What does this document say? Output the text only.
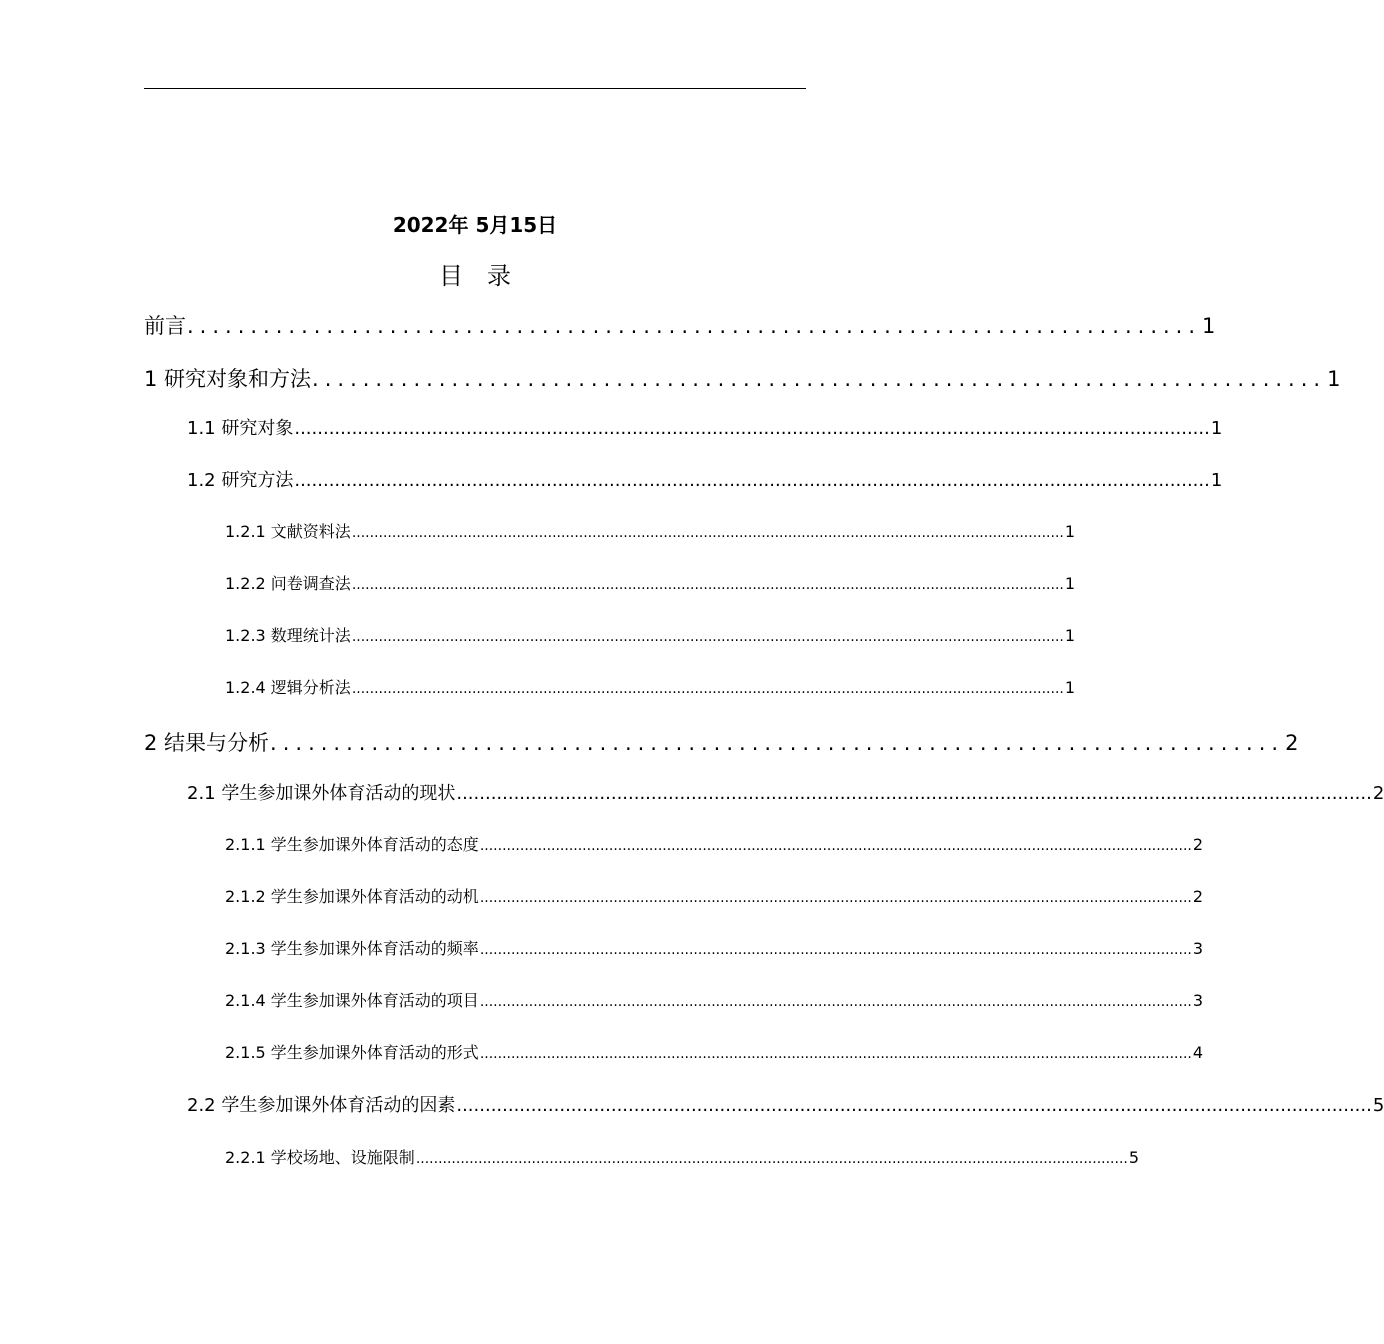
2022年 5月15日
目　录
前言 ................................................................................ 1
1 研究对象和方法 ................................................................................ 1
1.1 研究对象 ................................................................................................................................................................ 1
1.2 研究方法 ................................................................................................................................................................ 1
1.2.1 文献资料法 ................................................................................................................................................................ 1
1.2.2 问卷调查法 ................................................................................................................................................................ 1
1.2.3 数理统计法 ................................................................................................................................................................ 1
1.2.4 逻辑分析法 ................................................................................................................................................................ 1
2 结果与分析 ................................................................................ 2
2.1 学生参加课外体育活动的现状 ................................................................................................................................................................ 2
2.1.1 学生参加课外体育活动的态度 ................................................................................................................................................................ 2
2.1.2 学生参加课外体育活动的动机 ................................................................................................................................................................ 2
2.1.3 学生参加课外体育活动的频率 ................................................................................................................................................................ 3
2.1.4 学生参加课外体育活动的项目 ................................................................................................................................................................ 3
2.1.5 学生参加课外体育活动的形式 ................................................................................................................................................................ 4
2.2 学生参加课外体育活动的因素 ................................................................................................................................................................ 5
2.2.1 学校场地、设施限制 ................................................................................................................................................................ 5
